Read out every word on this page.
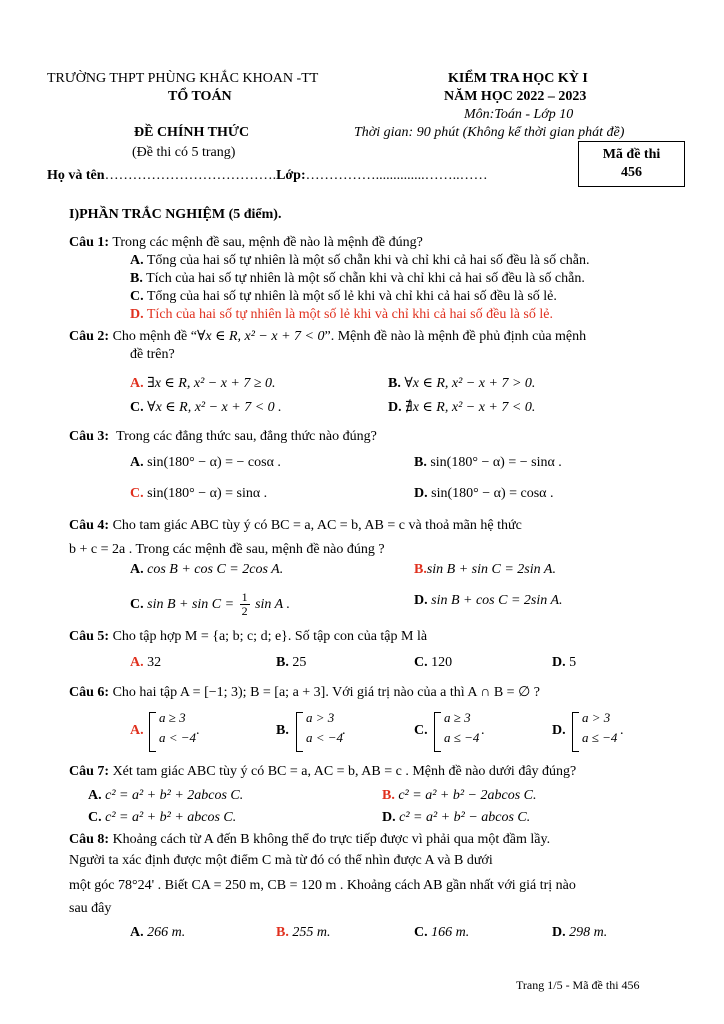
TRƯỜNG THPT PHÙNG KHẮC KHOAN -TT
TỔ TOÁN
KIỂM TRA HỌC KỲ I
NĂM HỌC 2022 – 2023
Môn:Toán - Lớp 10
ĐỀ CHÍNH THỨC	Thời gian: 90 phút (Không kể thời gian phát đề)
(Đề thi có 5 trang)	Mã đề thi
456
Họ và tên……………………………….Lớp:……………..............……..……
I)PHẦN TRẮC NGHIỆM (5 điểm).
Câu 1: Trong các mệnh đề sau, mệnh đề nào là mệnh đề đúng?
A. Tổng của hai số tự nhiên là một số chẵn khi và chỉ khi cả hai số đều là số chẵn.
B. Tích của hai số tự nhiên là một số chẵn khi và chỉ khi cả hai số đều là số chẵn.
C. Tổng của hai số tự nhiên là một số lẻ khi và chỉ khi cả hai số đều là số lẻ.
D. Tích của hai số tự nhiên là một số lẻ khi và chỉ khi cả hai số đều là số lẻ.
Câu 2: Cho mệnh đề “∀x ∈ R, x² − x + 7 < 0”. Mệnh đề nào là mệnh đề phủ định của mệnh
đề trên?
A. ∃x ∈ R, x² − x + 7 ≥ 0.	B. ∀x ∈ R, x² − x + 7 > 0.
C. ∀x ∈ R, x² − x + 7 < 0 .	D. ∄x ∈ R, x² − x + 7 < 0.
Câu 3: Trong các đẳng thức sau, đẳng thức nào đúng?
A. sin(180° − α) = − cosα .	B. sin(180° − α) = − sinα .
C. sin(180° − α) = sinα .	D. sin(180° − α) = cosα .
Câu 4: Cho tam giác ABC tùy ý có BC = a, AC = b, AB = c và thoả mãn hệ thức
b + c = 2a . Trong các mệnh đề sau, mệnh đề nào đúng ?
A. cos B + cos C = 2cos A.	B.sin B + sin C = 2sin A.
C. $\sin B + \sin C = \frac{1}{2}$ sin A .	D. sin B + cos C = 2sin A.
Câu 5: Cho tập hợp M = {a; b; c; d; e}. Số tập con của tập M là
A. 32	B. 25	C. 120	D. 5
Câu 6: Cho hai tập A = [−1; 3); B = [a; a + 3]. Với giá trị nào của a thì A ∩ B = ∅ ?
A.
a ≥ 3
a < −4 .	B.
a > 3
a < −4
.	C.
a ≥ 3
a ≤ −4 .	D.
a > 3
a ≤ −4 .
Câu 7: Xét tam giác ABC tùy ý có BC = a, AC = b, AB = c . Mệnh đề nào dưới đây đúng?
A. c² = a² + b² + 2abcos C.	B. c² = a² + b² − 2abcos C.
C. c² = a² + b² + abcos C.	D. c² = a² + b² − abcos C.
Câu 8: Khoảng cách từ A đến B không thể đo trực tiếp được vì phải qua một đầm lầy.
Người ta xác định được một điểm C mà từ đó có thể nhìn được A và B dưới
một góc 78°24' . Biết CA = 250 m, CB = 120 m . Khoảng cách AB gần nhất với giá trị nào
sau đây
A. 266 m.	B. 255 m.	C. 166 m.	D. 298 m.
Trang 1/5 - Mã đề thi 456
